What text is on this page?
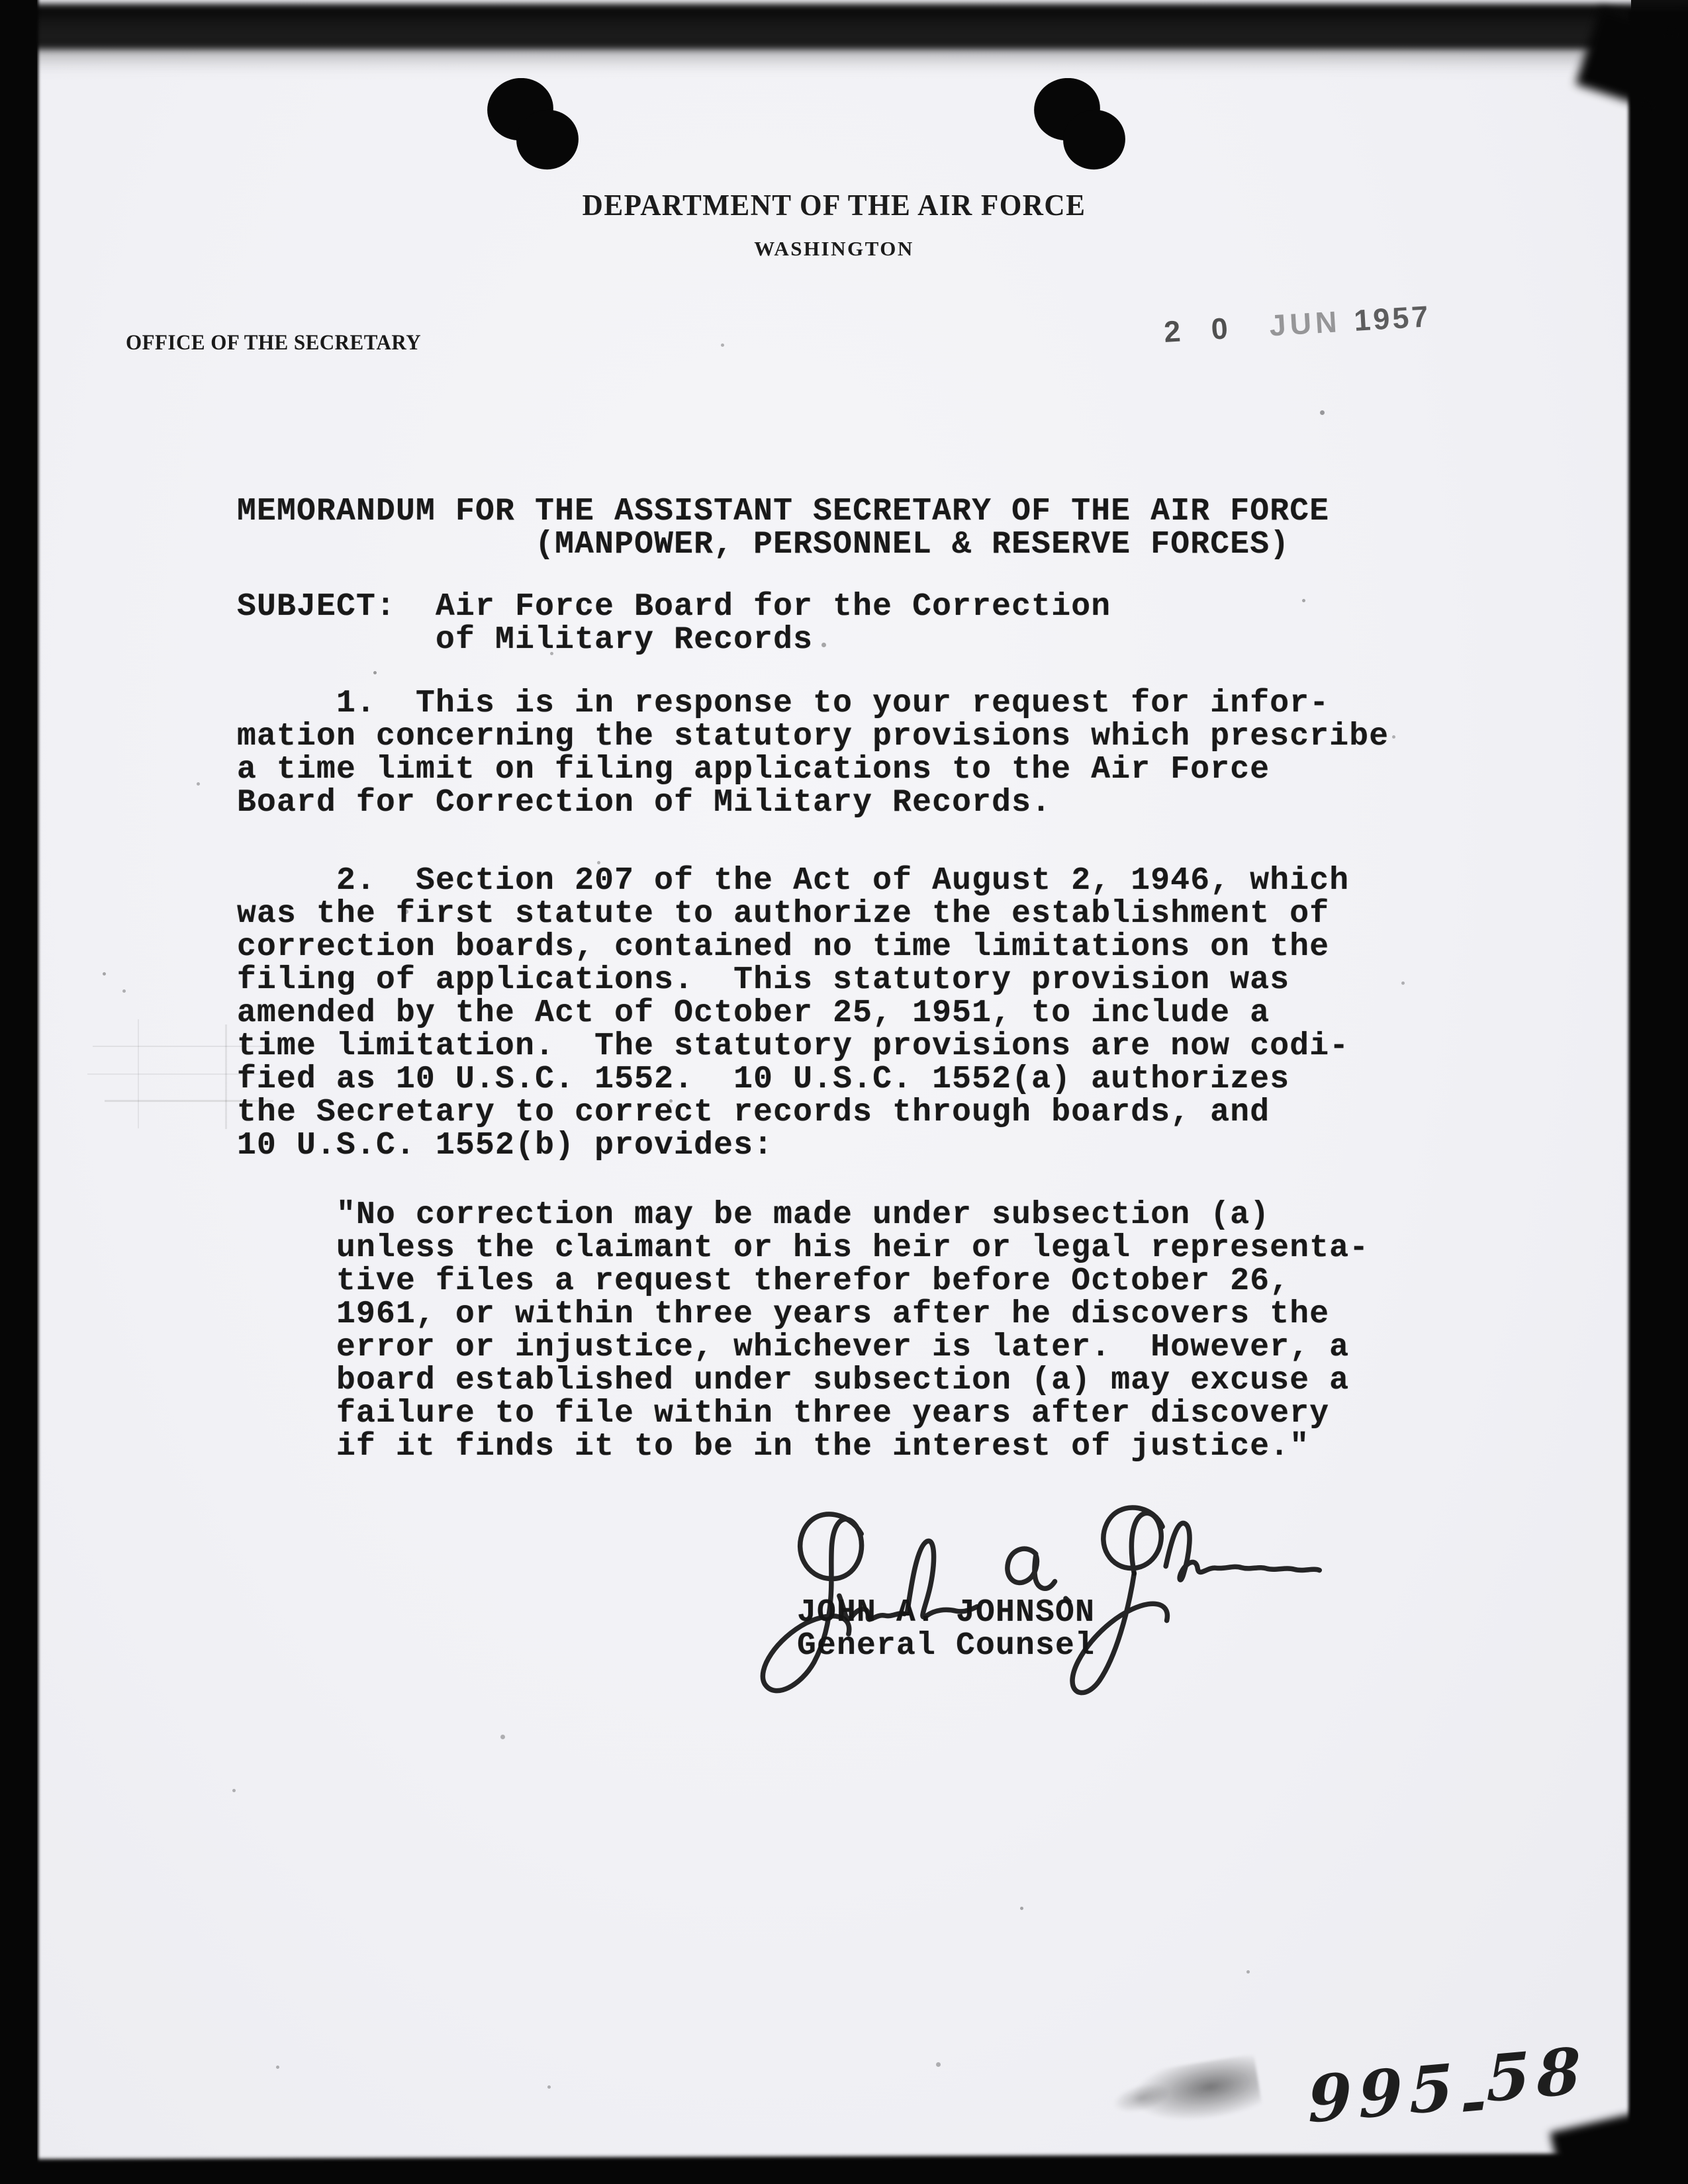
DEPARTMENT OF THE AIR FORCE
WASHINGTON
OFFICE OF THE SECRETARY	2 0 JUN 1957
MEMORANDUM FOR THE ASSISTANT SECRETARY OF THE AIR FORCE
(MANPOWER, PERSONNEL & RESERVE FORCES)
SUBJECT:  Air Force Board for the Correction
of Military Records
1.  This is in response to your request for infor-
mation concerning the statutory provisions which prescribe
a time limit on filing applications to the Air Force
Board for Correction of Military Records.
2.  Section 207 of the Act of August 2, 1946, which
was the first statute to authorize the establishment of
correction boards, contained no time limitations on the
filing of applications.  This statutory provision was
amended by the Act of October 25, 1951, to include a
time limitation.  The statutory provisions are now codi-
fied as 10 U.S.C. 1552.  10 U.S.C. 1552(a) authorizes
the Secretary to correct records through boards, and
10 U.S.C. 1552(b) provides:
"No correction may be made under subsection (a)
unless the claimant or his heir or legal representa-
tive files a request therefor before October 26,
1961, or within three years after he discovers the
error or injustice, whichever is later.  However, a
board established under subsection (a) may excuse a
failure to file within three years after discovery
if it finds it to be in the interest of justice."
JOHN A. JOHNSON
General Counsel
995-58
